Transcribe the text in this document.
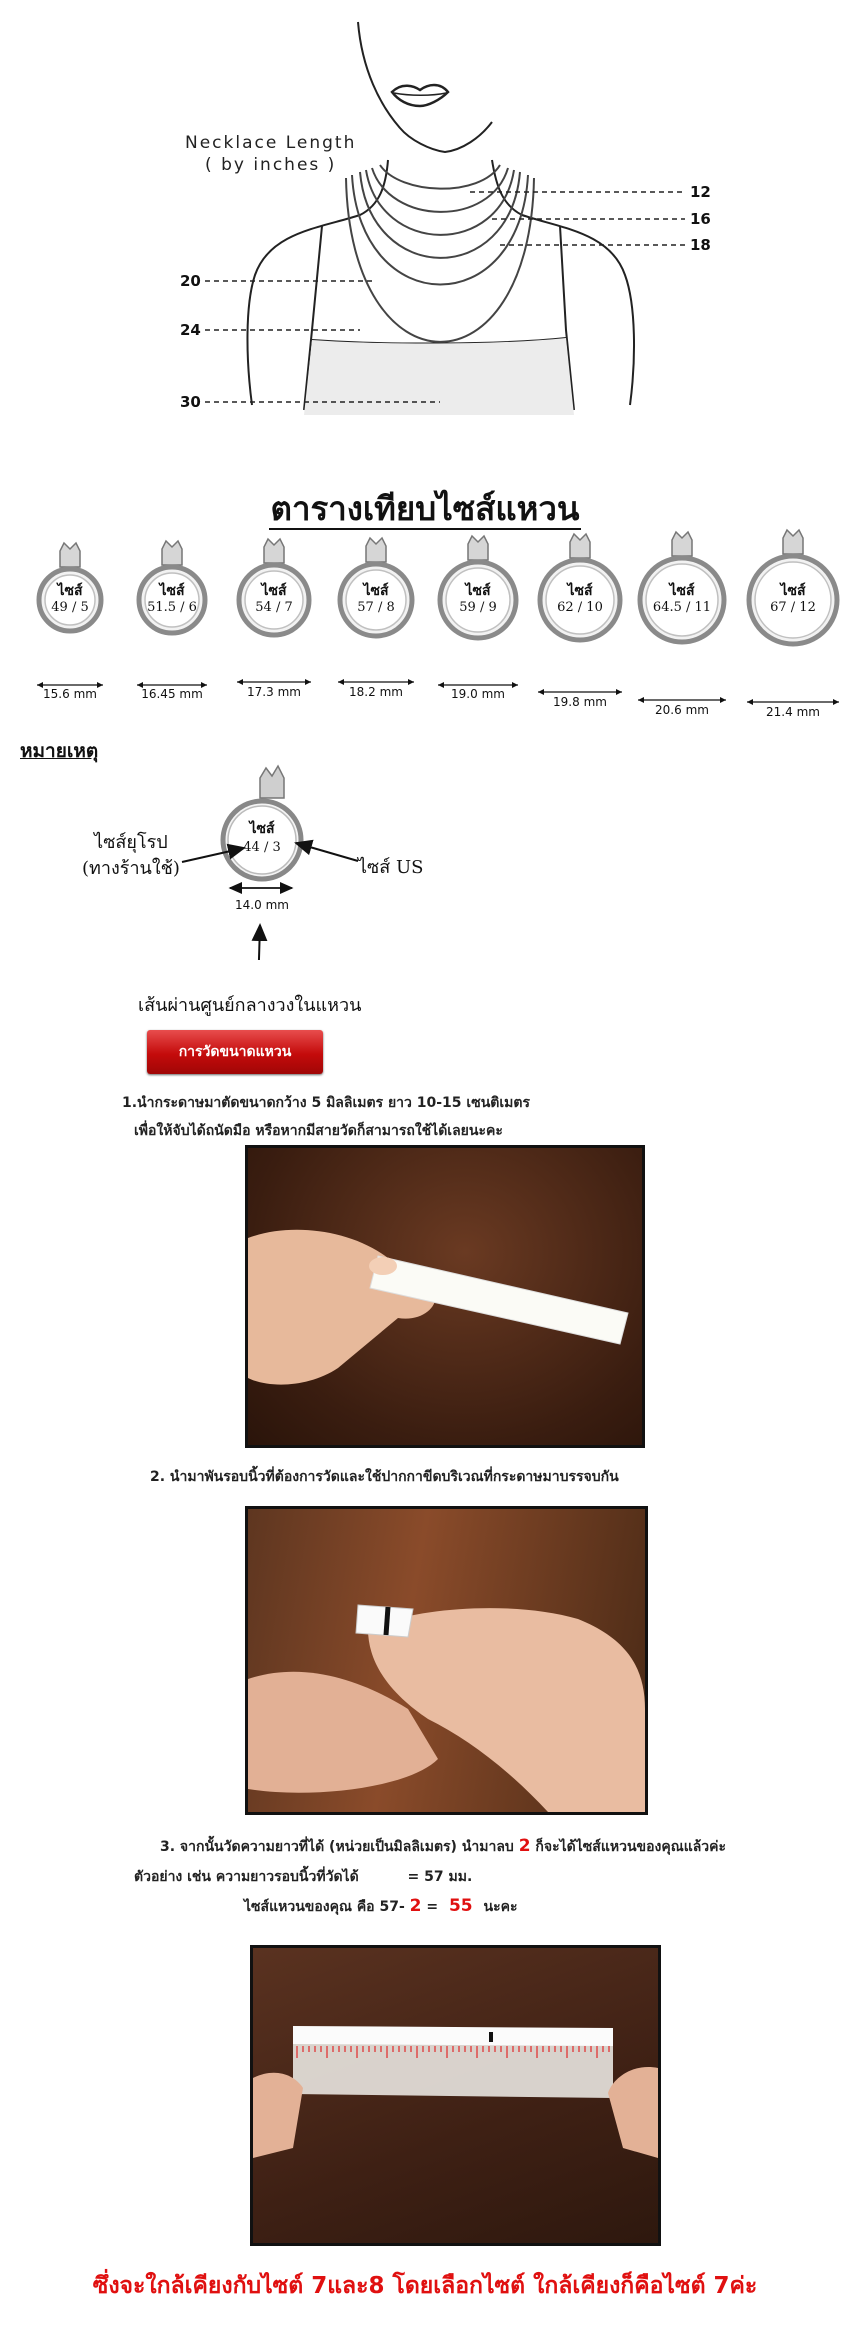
Necklace Length
( by inches )
12
16
18
20
24
30
ตารางเทียบไซส์แหวน
ไซส์
49 / 5
15.6 mm
ไซส์
51.5 / 6
16.45 mm
ไซส์
54 / 7
17.3 mm
ไซส์
57 / 8
18.2 mm
ไซส์
59 / 9
19.0 mm
ไซส์
62 / 10
19.8 mm
ไซส์
64.5 / 11
20.6 mm
ไซส์
67 / 12
21.4 mm
หมายเหตุ
ไซส์
44 / 3
14.0 mm
ไซส์ยุโรป
(ทางร้านใช้)	ไซส์ US
เส้นผ่านศูนย์กลางวงในแหวน
การวัดขนาดแหวน
1.นำกระดาษมาตัดขนาดกว้าง 5 มิลลิเมตร ยาว 10-15 เซนติเมตร
เพื่อให้จับได้ถนัดมือ หรือหากมีสายวัดก็สามารถใช้ได้เลยนะคะ
2. นำมาพันรอบนิ้วที่ต้องการวัดและใช้ปากกาขีดบริเวณที่กระดาษมาบรรจบกัน
3. จากนั้นวัดความยาวที่ได้ (หน่วยเป็นมิลลิเมตร) นำมาลบ 2 ก็จะได้ไซส์แหวนของคุณแล้วค่ะ
ตัวอย่าง เช่น ความยาวรอบนิ้วที่วัดได้	= 57 มม.
ไซส์แหวนของคุณ คือ 57- 2 = 55 นะคะ
ซึ่งจะใกล้เคียงกับไซต์ 7และ8 โดยเลือกไซต์ ใกล้เคียงก็คือไซต์ 7ค่ะ
